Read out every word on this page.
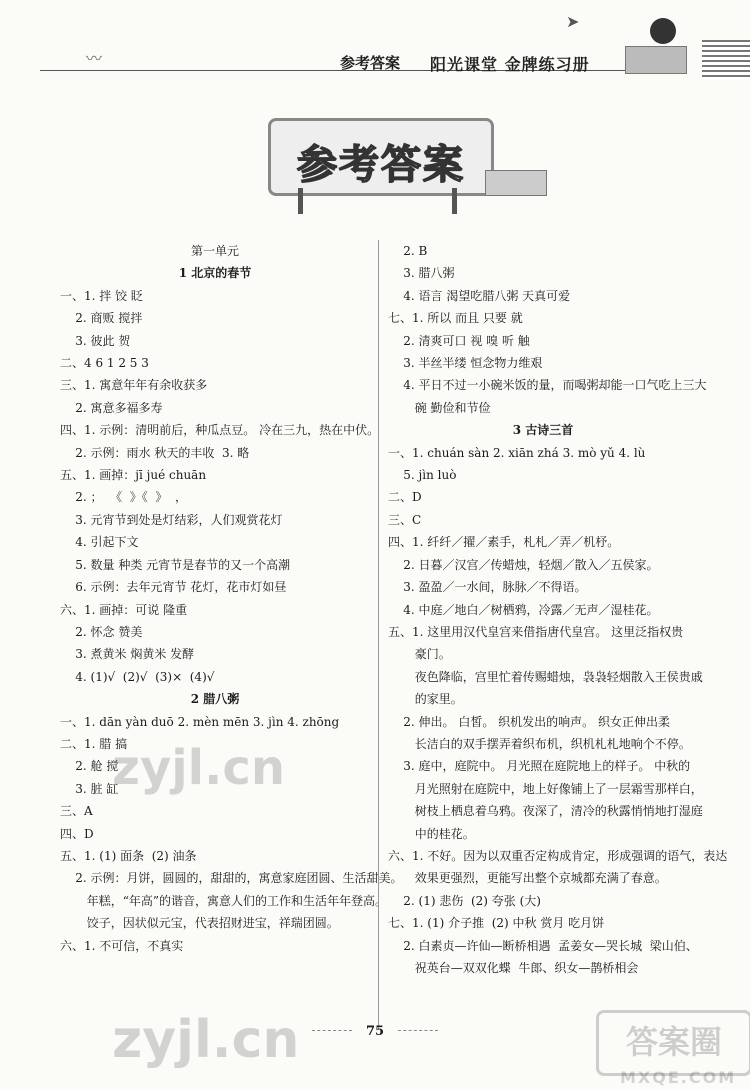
〰
➤
参考答案 阳光课堂 金牌练习册
参考答案
第一单元
1 北京的春节
一、1. 拌 饺 眨
2. 商贩 搅拌
3. 彼此 贺
二、4 6 1 2 5 3
三、1. 寓意年年有余收获多
2. 寓意多福多寿
四、1. 示例：清明前后，种瓜点豆。 冷在三九，热在中伏。
2. 示例：雨水 秋天的丰收  3. 略
五、1. 画掉：jī jué chuān
2. ；  《  》《  》  ，
3. 元宵节到处是灯结彩，人们观赏花灯
4. 引起下文
5. 数量 种类 元宵节是春节的又一个高潮
6. 示例：去年元宵节 花灯，花市灯如昼
六、1. 画掉：可说 隆重
2. 怀念 赞美
3. 煮黄米 焖黄米 发酵
4. (1)√  (2)√  (3)×  (4)√
2 腊八粥
一、1. dān yàn duō 2. mèn mēn 3. jìn 4. zhōng
二、1. 腊 搞
2. 舱 搅
3. 脏 缸
三、A
四、D
五、1. (1) 面条  (2) 油条
2. 示例：月饼，圆圆的，甜甜的，寓意家庭团圆、生活甜美。
年糕，“年高”的谐音，寓意人们的工作和生活年年登高。
饺子，因状似元宝，代表招财进宝，祥瑞团圆。
六、1. 不可信，不真实
2. B
3. 腊八粥
4. 语言 渴望吃腊八粥 天真可爱
七、1. 所以 而且 只要 就
2. 清爽可口 视 嗅 听 触
3. 半丝半缕 恒念物力维艰
4. 平日不过一小碗米饭的量，而喝粥却能一口气吃上三大
碗 勤俭和节俭
3 古诗三首
一、1. chuán sàn 2. xiān zhá 3. mò yǔ 4. lù
5. jìn luò
二、D
三、C
四、1. 纤纤／擢／素手，札札／弄／机杼。
2. 日暮／汉宫／传蜡烛，轻烟／散入／五侯家。
3. 盈盈／一水间，脉脉／不得语。
4. 中庭／地白／树栖鸦，冷露／无声／湿桂花。
五、1. 这里用汉代皇宫来借指唐代皇宫。 这里泛指权贵
豪门。
夜色降临，宫里忙着传赐蜡烛，袅袅轻烟散入王侯贵戚
的家里。
2. 伸出。 白皙。 织机发出的响声。 织女正伸出柔
长洁白的双手摆弄着织布机，织机札札地响个不停。
3. 庭中，庭院中。 月光照在庭院地上的样子。 中秋的
月光照射在庭院中，地上好像铺上了一层霜雪那样白，
树枝上栖息着乌鸦。夜深了，清冷的秋露悄悄地打湿庭
中的桂花。
六、1. 不好。因为以双重否定构成肯定，形成强调的语气，表达
效果更强烈，更能写出整个京城都充满了春意。
2. (1) 悲伤  (2) 夸张 (大)
七、1. (1) 介子推  (2) 中秋 赏月 吃月饼
2. 白素贞—许仙—断桥相遇  孟姜女—哭长城  梁山伯、
祝英台—双双化蝶  牛郎、织女—鹊桥相会
75
zyjl.cn
zyjl.cn	答案圈
MXQE.COM
